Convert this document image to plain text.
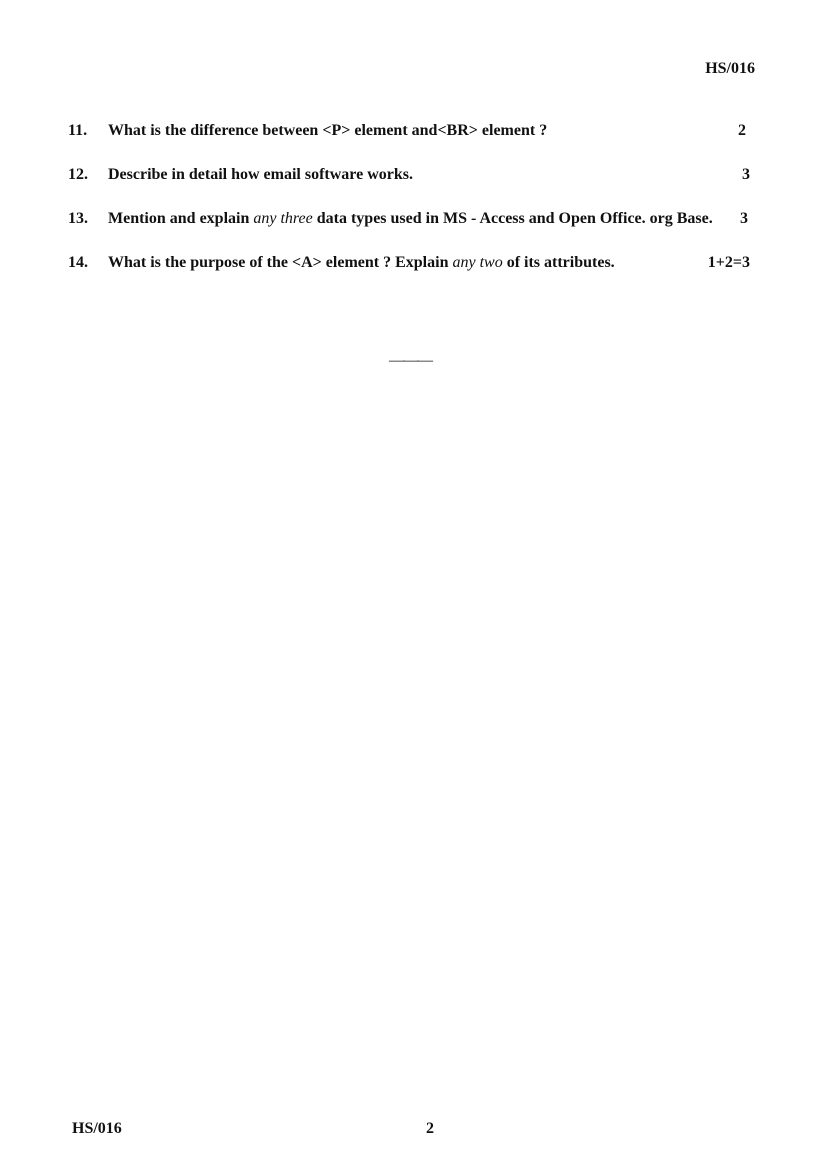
HS/016
11. What is the difference between <P> element and<BR> element ?	2
12. Describe in detail how email software works.	3
13. Mention and explain any three data types used in MS - Access and Open Office. org Base. 3
14. What is the purpose of the <A> element ? Explain any two of its attributes.	1+2=3
———
HS/016	2
